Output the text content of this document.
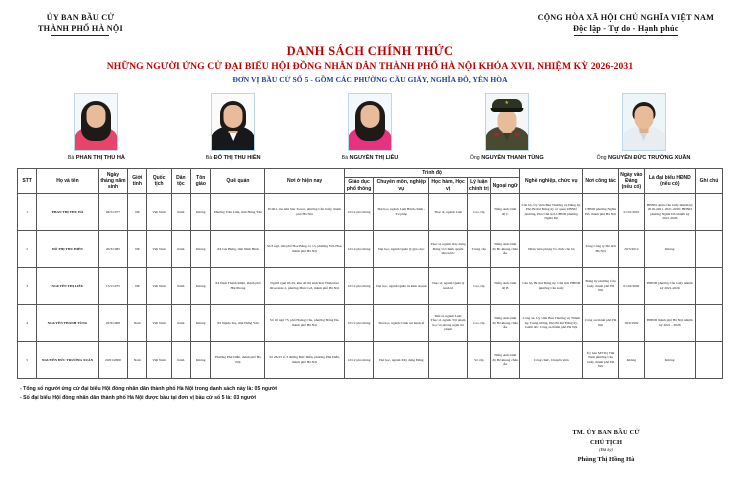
ỦY BAN BẦU CỬ
THÀNH PHỐ HÀ NỘI
CỘNG HÒA XÃ HỘI CHỦ NGHĨA VIỆT NAM
Độc lập - Tự do - Hạnh phúc
DANH SÁCH CHÍNH THỨC
NHỮNG NGƯỜI ỨNG CỬ ĐẠI BIỂU HỘI ĐỒNG NHÂN DÂN THÀNH PHỐ HÀ NỘI KHÓA XVII, NHIỆM KỲ 2026-2031
ĐƠN VỊ BẦU CỬ SỐ 5 - GỒM CÁC PHƯỜNG CẦU GIẤY, NGHĨA ĐÔ, YÊN HÒA
Bà PHAN THỊ THU HÀ	Bà ĐỖ THỊ THU HIỀN	Bà NGUYỄN THỊ LIỄU
★
Ông NGUYỄN THANH TÙNG	Ông NGUYỄN ĐỨC TRƯỜNG XUÂN
STT	Họ và tên	Ngày tháng năm sinh	Giới tính	Quốc tịch	Dân tộc	Tôn giáo	Quê quán	Nơi ở hiện nay	Trình độ					Nghề nghiệp, chức vụ	Nơi công tác	Ngày vào Đảng (nếu có)	Là đại biểu HĐND (nếu có)	Ghi chú
									Giáo dục phổ thông	Chuyên môn, nghiệp vụ	Học hàm, Học vị	Lý luận chính trị	Ngoại ngữ					
1	PHAN THỊ THU HÀ	04/5/1977	Nữ	Việt Nam	Kinh	Không	Phường Trần Lãm, tỉnh Hưng Yên	P1401, tòa nhà Star Tower, phường Cầu Giấy, thành phố Hà Nội	12/12 phổ thông	Đại học, ngành Luật Hành chính - Tư pháp	Thạc sĩ, ngành Luật	Cao cấp	Tiếng Anh trình độ C	Cán bộ, Ủy viên Ban Thường vụ Đảng ủy, Phó Bí thư Đảng ủy cơ quan UBND phường, Phó Chủ tịch UBND phường Nghĩa Đô	UBND phường Nghĩa Đô, thành phố Hà Nội	21/01/2001	HĐND quận Cầu Giấy nhiệm kỳ 2016-2021, 2021-2026; HĐND phường Nghĩa Đô nhiệm kỳ 2021-2026	
2	ĐỖ THỊ THU HIỀN	20/3/1985	Nữ	Việt Nam	Kinh	Không	Xã Gia Hưng, tỉnh Ninh Bình	Số 8 ngõ 184 phố Hoa Bằng, tổ 13, phường Yên Hòa, thành phố Hà Nội	12/12 phổ thông	Đại học, ngành Quản lý giáo dục	Thạc sĩ, ngành Xây dựng Đảng và Chính quyền nhà nước	Trung cấp	Tiếng Anh trình độ B1 khung châu Âu	Nhân viên phòng Tổ chức cán bộ	Tổng Công ty Du lịch Hà Nội	20/3/2014	Không	
3	NGUYỄN THỊ LIỄU	15/5/1975	Nữ	Việt Nam	Kinh	Không	Xã Nam Thanh Miện, thành phố Hải Phòng	Người Quê 03-29, khu đô thị sinh thái Vinhomes Riverside 2, phường Phúc Lợi, thành phố Hà Nội	12/12 phổ thông	Đại học, ngành Quản trị kinh doanh	Thạc sĩ, ngành Quản lý kinh tế	Cao cấp	Tiếng Anh trình độ B	Cán bộ, Bí thư Đảng ủy, Chủ tịch HĐND phường Cầu Giấy	Đảng ủy phường Cầu Giấy, thành phố Hà Nội	01/02/2002	HĐND phường Cầu Giấy nhiệm kỳ 2021-2026	
4	NGUYỄN THANH TÙNG	02/9/1968	Nam	Việt Nam	Kinh	Không	Xã Nghĩa Trụ, tỉnh Hưng Yên	Số 10 ngõ 73, phố Hoàng Cầu, phường Đống Đa, thành phố Hà Nội	12/12 phổ thông	Đại học, ngành Cảnh sát Kinh tế	Tiến sĩ, ngành Luật; Thạc sĩ, ngành Tội phạm học và phòng ngừa tội phạm	Cao cấp	Tiếng Anh trình độ B2 khung châu Âu	Công an, Ủy viên Ban Thường vụ Thành ủy, Trung tướng, Phó Bí thư Đảng ủy, Giám đốc Công an thành phố Hà Nội	Công an thành phố Hà Nội	18/9/1992	HĐND thành phố Hà Nội nhiệm kỳ 2021 - 2026	
5	NGUYỄN ĐỨC TRƯỜNG XUÂN	20/01/2000	Nam	Việt Nam	Kinh	Không	Phường Phú Diễn, thành phố Hà Nội	Số 26/23 tổ 3 đường Đức Diễn, phường Phú Diễn, thành phố Hà Nội	12/12 phổ thông	Đại học, ngành Xây dựng Đảng		Sơ cấp	Tiếng Anh trình độ B2 khung châu Âu	Công chức, Chuyên viên	Ủy ban MTTQ Việt Nam phường Cầu Giấy, thành phố Hà Nội	Không	Không	
- Tổng số người ứng cử đại biểu Hội đồng nhân dân thành phố Hà Nội trong danh sách này là: 05 người
- Số đại biểu Hội đồng nhân dân thành phố Hà Nội được bầu tại đơn vị bầu cử số 5 là: 03 người
TM. ỦY BAN BẦU CỬ
CHỦ TỊCH
(Đã ký)
Phùng Thị Hồng Hà
